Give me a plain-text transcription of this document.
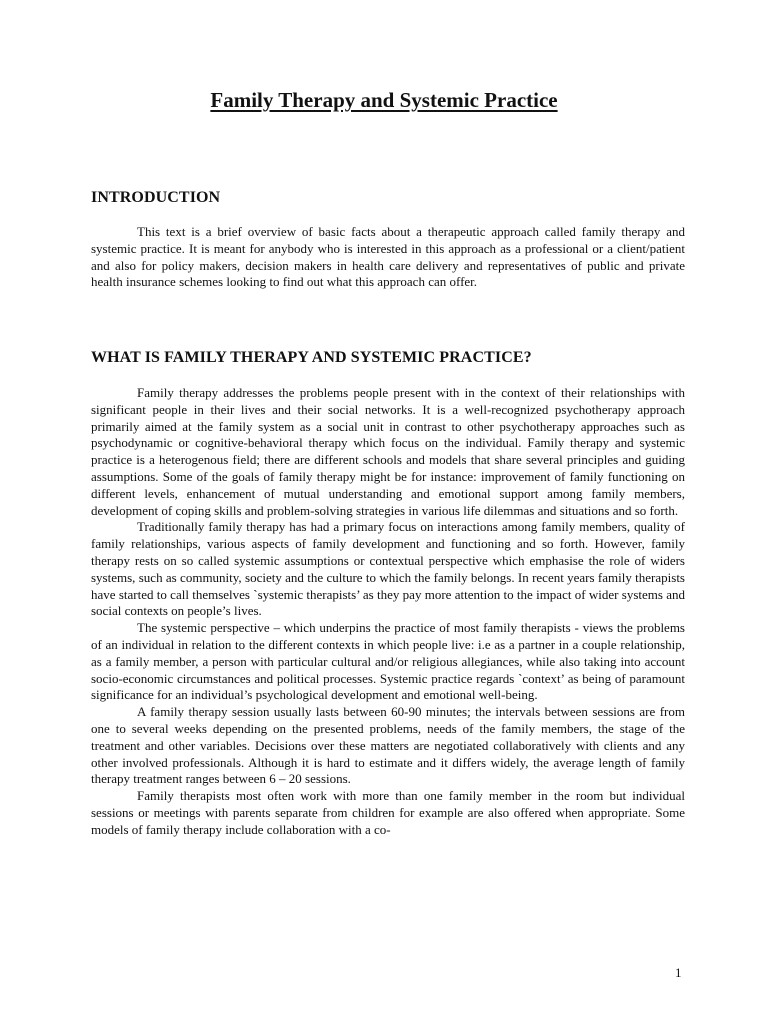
Family Therapy and Systemic Practice
INTRODUCTION

This text is a brief overview of basic facts about a therapeutic approach called family therapy and systemic practice. It is meant for anybody who is interested in this approach as a professional or a client/patient and also for policy makers, decision makers in health care delivery and representatives of public and private health insurance schemes looking to find out what this approach can offer.

WHAT IS FAMILY THERAPY AND SYSTEMIC PRACTICE?

Family therapy addresses the problems people present with in the context of their relationships with significant people in their lives and their social networks. It is a well-recognized psychotherapy approach primarily aimed at the family system as a social unit in contrast to other psychotherapy approaches such as psychodynamic or cognitive-behavioral therapy which focus on the individual. Family therapy and systemic practice is a heterogenous field; there are different schools and models that share several principles and guiding assumptions. Some of the goals of family therapy might be for instance: improvement of family functioning on different levels, enhancement of mutual understanding and emotional support among family members, development of coping skills and problem-solving strategies in various life dilemmas and situations and so forth.

Traditionally family therapy has had a primary focus on interactions among family members, quality of family relationships, various aspects of family development and functioning and so forth. However, family therapy rests on so called systemic assumptions or contextual perspective which emphasise the role of widers systems, such as community, society and the culture to which the family belongs. In recent years family therapists have started to call themselves `systemic therapists’ as they pay more attention to the impact of wider systems and social contexts on people’s lives.

The systemic perspective – which underpins the practice of most family therapists - views the problems of an individual in relation to the different contexts in which people live: i.e as a partner in a couple relationship, as a family member, a person with particular cultural and/or religious allegiances, while also taking into account socio-economic circumstances and political processes. Systemic practice regards `context’ as being of paramount significance for an individual’s psychological development and emotional well-being.

A family therapy session usually lasts between 60-90 minutes; the intervals between sessions are from one to several weeks depending on the presented problems, needs of the family members, the stage of the treatment and other variables. Decisions over these matters are negotiated collaboratively with clients and any other involved professionals. Although it is hard to estimate and it differs widely, the average length of family therapy treatment ranges between 6 – 20 sessions.

Family therapists most often work with more than one family member in the room but individual sessions or meetings with parents separate from children for example are also offered when appropriate. Some models of family therapy include collaboration with a co-

1
